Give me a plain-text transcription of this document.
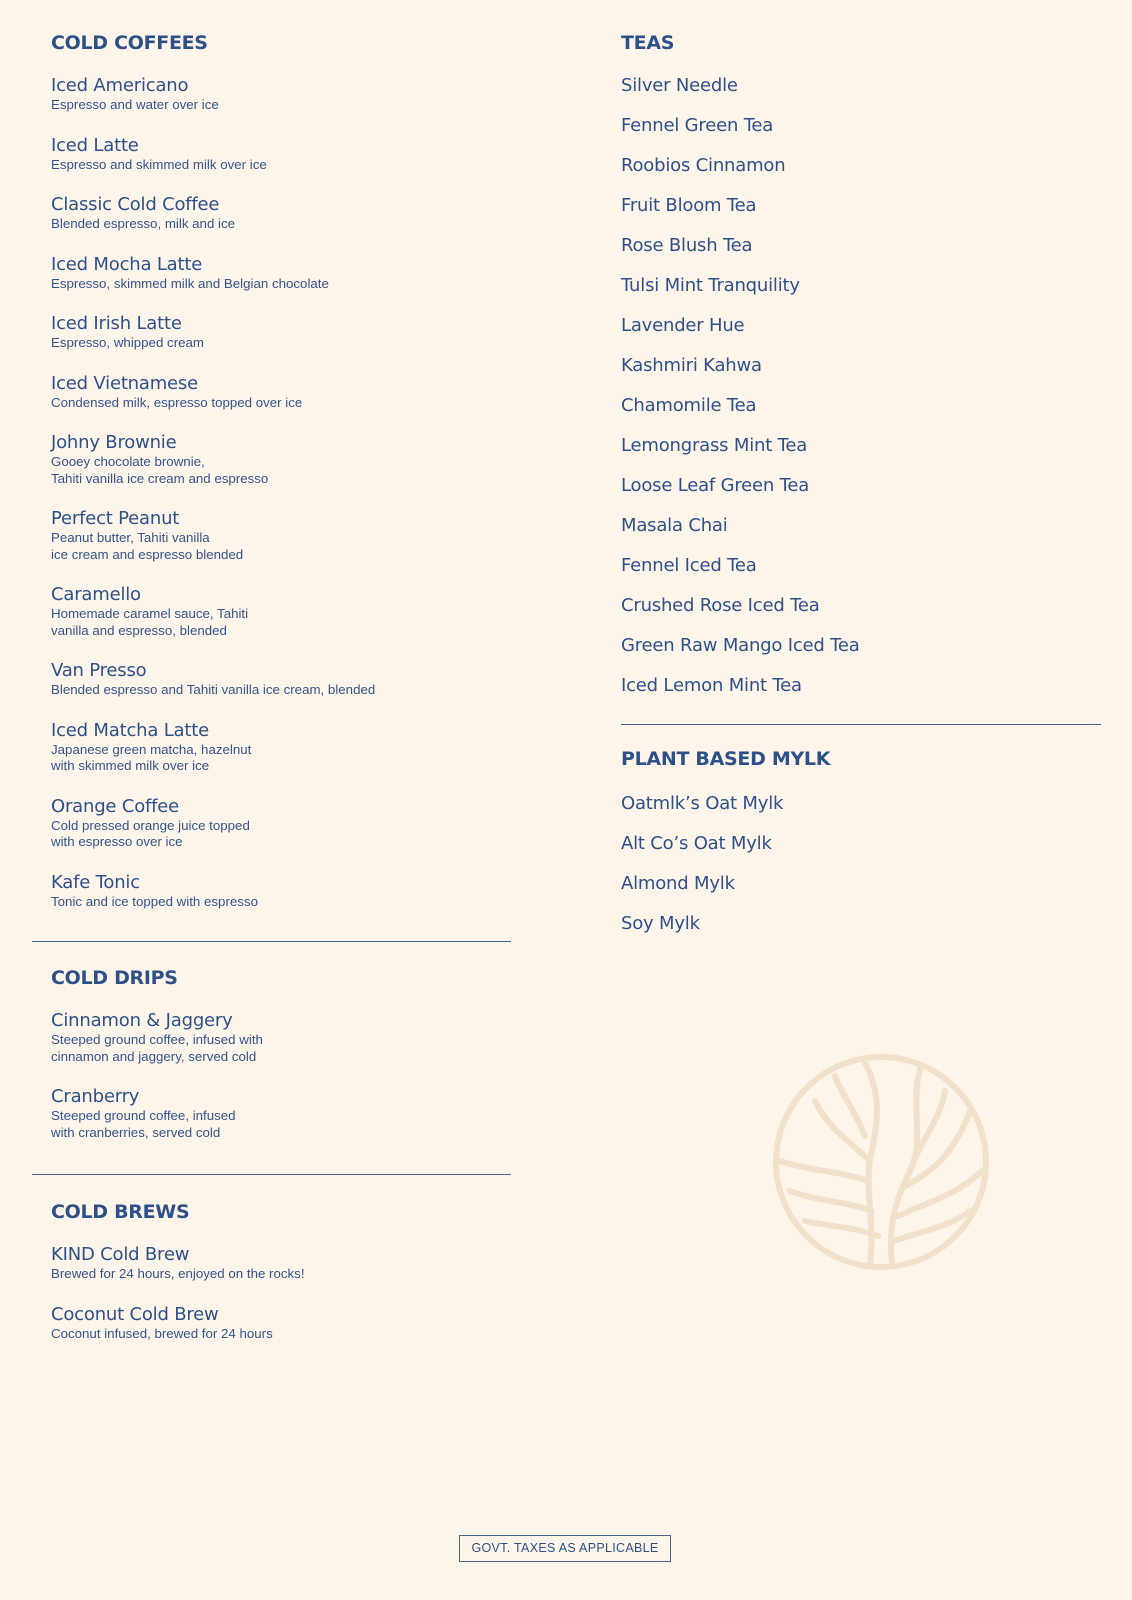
COLD COFFEES
Iced Americano
Espresso and water over ice
Iced Latte
Espresso and skimmed milk over ice
Classic Cold Coffee
Blended espresso, milk and ice
Iced Mocha Latte
Espresso, skimmed milk and Belgian chocolate
Iced Irish Latte
Espresso, whipped cream
Iced Vietnamese
Condensed milk, espresso topped over ice
Johny Brownie
Gooey chocolate brownie,
Tahiti vanilla ice cream and espresso
Perfect Peanut
Peanut butter, Tahiti vanilla
ice cream and espresso blended
Caramello
Homemade caramel sauce, Tahiti
vanilla and espresso, blended
Van Presso
Blended espresso and Tahiti vanilla ice cream, blended
Iced Matcha Latte
Japanese green matcha, hazelnut
with skimmed milk over ice
Orange Coffee
Cold pressed orange juice topped
with espresso over ice
Kafe Tonic
Tonic and ice topped with espresso
COLD DRIPS
Cinnamon & Jaggery
Steeped ground coffee, infused with
cinnamon and jaggery, served cold
Cranberry
Steeped ground coffee, infused
with cranberries, served cold
COLD BREWS
KIND Cold Brew
Brewed for 24 hours, enjoyed on the rocks!
Coconut Cold Brew
Coconut infused, brewed for 24 hours
TEAS
Silver Needle
Fennel Green Tea
Roobios Cinnamon
Fruit Bloom Tea
Rose Blush Tea
Tulsi Mint Tranquility
Lavender Hue
Kashmiri Kahwa
Chamomile Tea
Lemongrass Mint Tea
Loose Leaf Green Tea
Masala Chai
Fennel Iced Tea
Crushed Rose Iced Tea
Green Raw Mango Iced Tea
Iced Lemon Mint Tea
PLANT BASED MYLK
Oatmlk’s Oat Mylk
Alt Co’s Oat Mylk
Almond Mylk
Soy Mylk
GOVT. TAXES AS APPLICABLE
